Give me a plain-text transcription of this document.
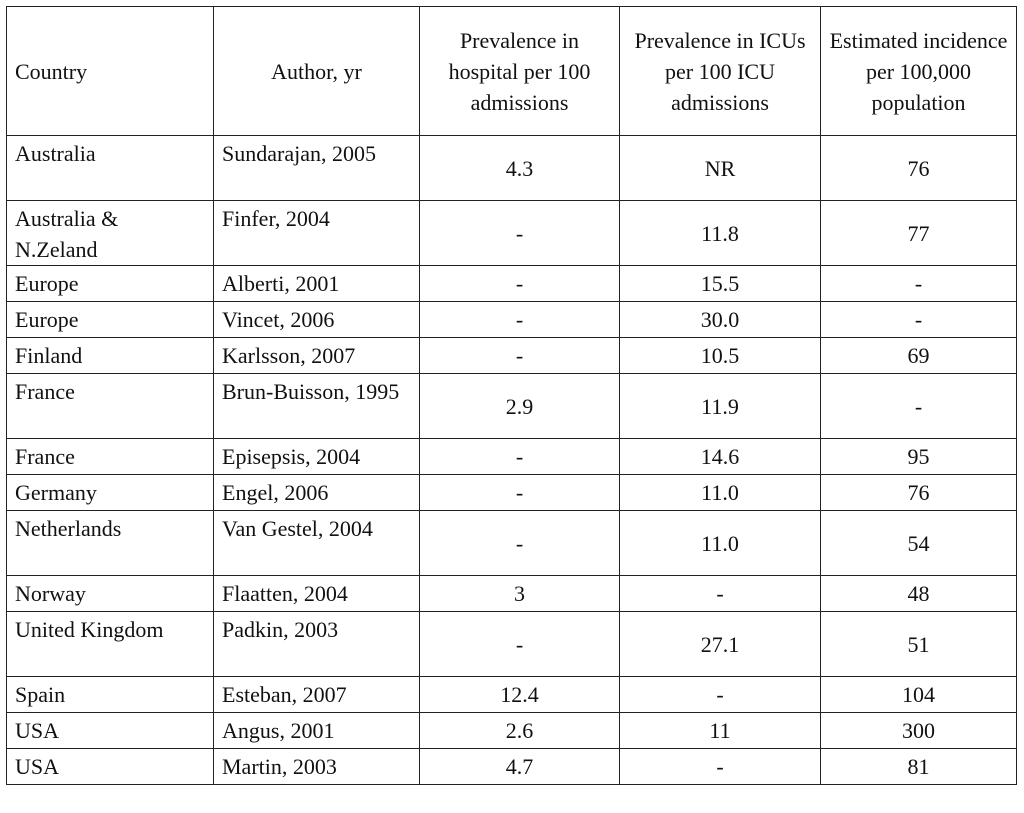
Country	Author, yr	Prevalence in hospital per 100 admissions	Prevalence in ICUs per 100 ICU admissions	Estimated incidence per 100,000 population
Australia	Sundarajan, 2005	4.3	NR	76
Australia & N.Zeland	Finfer, 2004	-	11.8	77
Europe	Alberti, 2001	-	15.5	-
Europe	Vincet, 2006	-	30.0	-
Finland	Karlsson, 2007	-	10.5	69
France	Brun-Buisson, 1995	2.9	11.9	-
France	Episepsis, 2004	-	14.6	95
Germany	Engel, 2006	-	11.0	76
Netherlands	Van Gestel, 2004	-	11.0	54
Norway	Flaatten, 2004	3	-	48
United Kingdom	Padkin, 2003	-	27.1	51
Spain	Esteban, 2007	12.4	-	104
USA	Angus, 2001	2.6	11	300
USA	Martin, 2003	4.7	-	81
